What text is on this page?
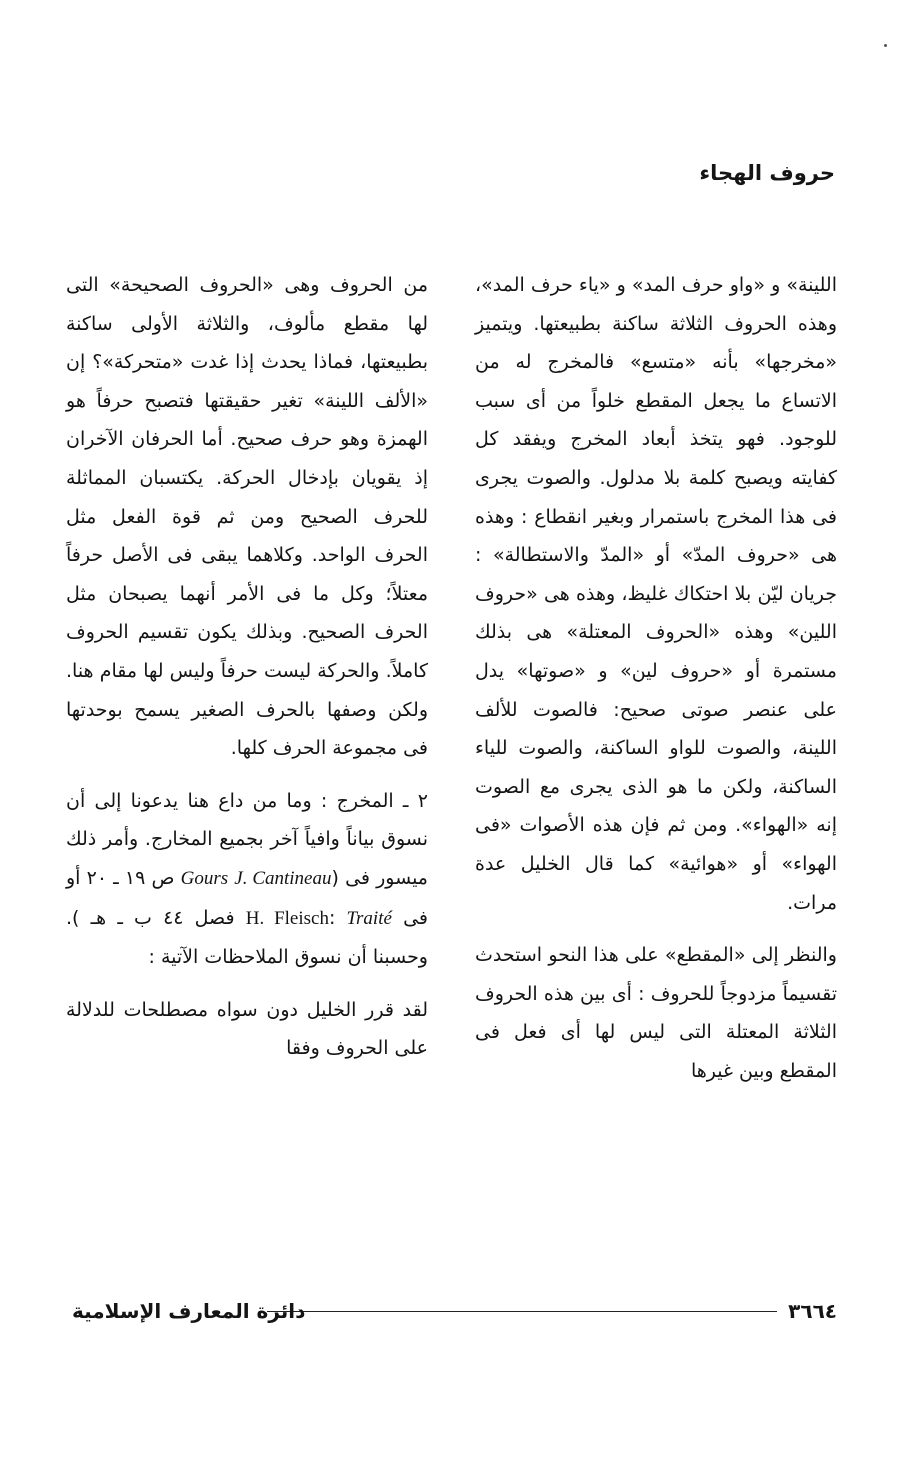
حروف الهجاء

اللينة» و «واو حرف المد» و «ياء حرف المد»، وهذه الحروف الثلاثة ساكنة بطبيعتها. ويتميز «مخرجها» بأنه «متسع» فالمخرج له من الاتساع ما يجعل المقطع خلواً من أى سبب للوجود. فهو يتخذ أبعاد المخرج ويفقد كل كفايته ويصبح كلمة بلا مدلول. والصوت يجرى فى هذا المخرج باستمرار وبغير انقطاع : وهذه هى «حروف المدّ» أو «المدّ والاستطالة» : جريان ليّن بلا احتكاك غليظ، وهذه هى «حروف اللين» وهذه «الحروف المعتلة» هى بذلك مستمرة أو «حروف لين» و «صوتها» يدل على عنصر صوتى صحيح: فالصوت للألف اللينة، والصوت للواو الساكنة، والصوت للياء الساكنة، ولكن ما هو الذى يجرى مع الصوت إنه «الهواء». ومن ثم فإن هذه الأصوات «فى الهواء» أو «هوائية» كما قال الخليل عدة مرات.

والنظر إلى «المقطع» على هذا النحو استحدث تقسيماً مزدوجاً للحروف : أى بين هذه الحروف الثلاثة المعتلة التى ليس لها أى فعل فى المقطع وبين غيرها

من الحروف وهى «الحروف الصحيحة» التى لها مقطع مألوف، والثلاثة الأولى ساكنة بطبيعتها، فماذا يحدث إذا غدت «متحركة»؟ إن «الألف اللينة» تغير حقيقتها فتصبح حرفاً هو الهمزة وهو حرف صحيح. أما الحرفان الآخران إذ يقويان بإدخال الحركة. يكتسبان المماثلة للحرف الصحيح ومن ثم قوة الفعل مثل الحرف الواحد. وكلاهما يبقى فى الأصل حرفاً معتلاً؛ وكل ما فى الأمر أنهما يصبحان مثل الحرف الصحيح. وبذلك يكون تقسيم الحروف كاملاً. والحركة ليست حرفاً وليس لها مقام هنا. ولكن وصفها بالحرف الصغير يسمح بوحدتها فى مجموعة الحرف كلها.

٢ ـ المخرج : وما من داع هنا يدعونا إلى أن نسوق بياناً وافياً آخر بجميع المخارج. وأمر ذلك ميسور فى (Gours J. Cantineau ص ١٩ ـ ٢٠ أو فى H. Fleisch: Traité فصل ٤٤ ب ـ هـ ). وحسبنا أن نسوق الملاحظات الآتية :

لقد قرر الخليل دون سواه مصطلحات للدلالة على الحروف وفقا

٣٦٦٤
دائرة المعارف الإسلامية
